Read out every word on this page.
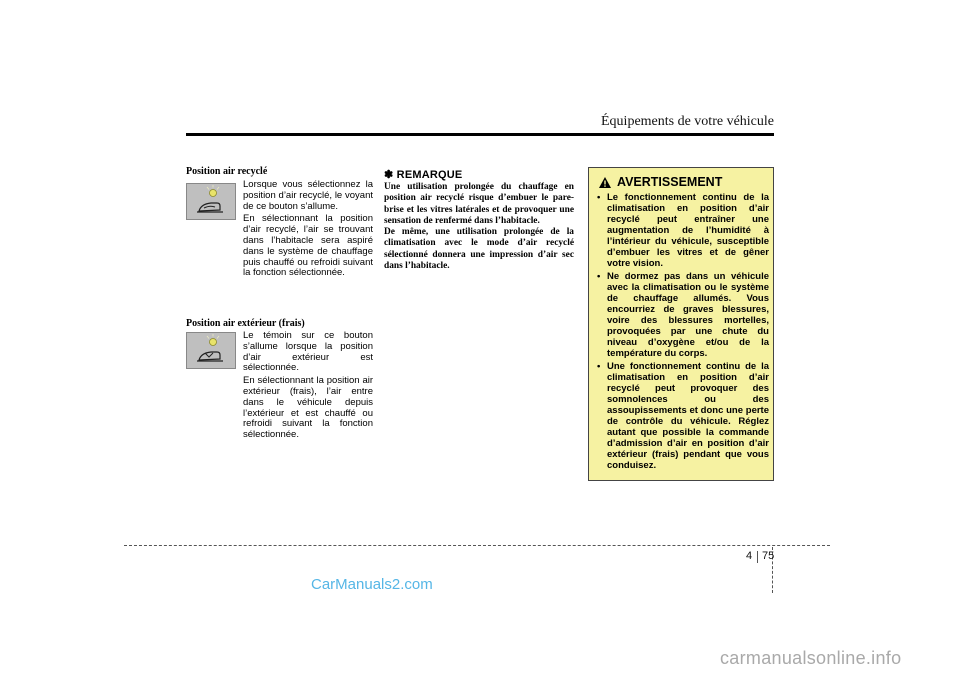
Équipements de votre véhicule
Position air recyclé

Lorsque vous sélectionnez la position d’air recyclé, le voyant de ce bouton s’allume.

En sélectionnant la position d’air recyclé, l’air se trouvant dans l’habitacle sera aspiré dans le système de chauffage puis chauffé ou refroidi suivant la fonction sélectionnée.

Position air extérieur (frais)

Le témoin sur ce bouton s’allume lorsque la position d’air extérieur est sélectionnée.

En sélectionnant la position air extérieur (frais), l’air entre dans le véhicule depuis l’extérieur et est chauffé ou refroidi suivant la fonction sélectionnée.

✽ REMARQUE

Une utilisation prolongée du chauffage en position air recyclé risque d’embuer le pare-brise et les vitres latérales et de provoquer une sensation de renfermé dans l’habitacle.

De même, une utilisation prolongée de la climatisation avec le mode d’air recyclé sélectionné donnera une impression d’air sec dans l’habitacle.

AVERTISSEMENT
• Le fonctionnement continu de la climatisation en position d’air recyclé peut entraîner une augmentation de l’humidité à l’intérieur du véhicule, susceptible d’embuer les vitres et de gêner votre vision.
• Ne dormez pas dans un véhicule avec la climatisation ou le système de chauffage allumés. Vous encourriez de graves blessures, voire des blessures mortelles, provoquées par une chute du niveau d’oxygène et/ou de la température du corps.
• Une fonctionnement continu de la climatisation en position d’air recyclé peut provoquer des somnolences ou des assoupissements et donc une perte de contrôle du véhicule. Réglez autant que possible la commande d’admission d’air en position d’air extérieur (frais) pendant que vous conduisez.
4 75
CarManuals2.com
carmanualsonline.info
